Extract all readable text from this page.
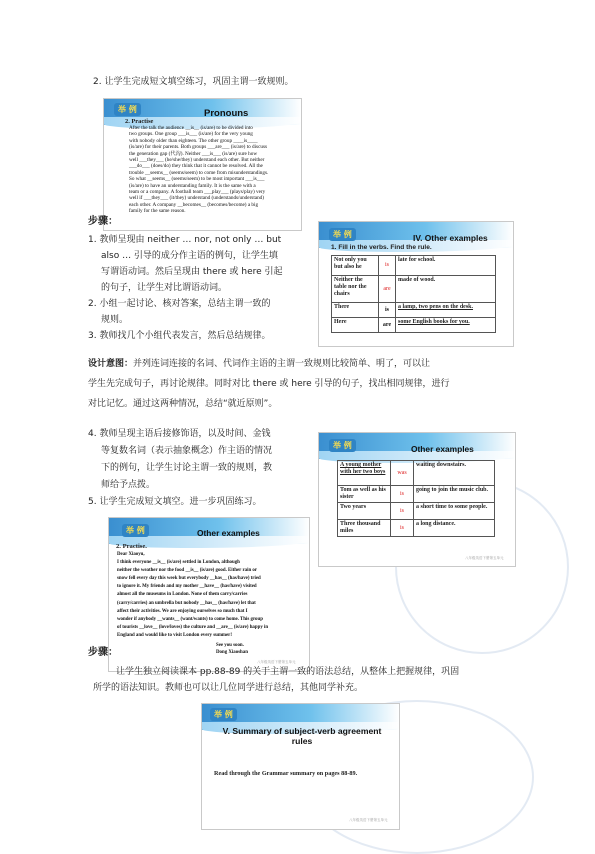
2. 让学生完成短文填空练习，巩固主谓一致规则。
举 例	Pronouns
2. Practise
After the talk the audience __is__ (is/are) to be divided into
two groups. One group ___is___ (is/are) for the very young
with nobody older than eighteen. The other group ____is____
(is/are) for their parents. Both groups ___are___ (is/are) to discuss
the generation gap (代沟). Neither ___is___ (is/are) sure how
well ___they___ (he/she/they) understand each other. But neither
___do___ (does/do) they think that it cannot be resolved. All the
trouble __seems__ (seems/seem) to come from misunderstandings.
So what __seems__ (seems/seem) to be most important ___is___
(is/are) to have an understanding family. It is the same with a
team or a company. A football team ___play___ (plays/play) very
well if ___they___ (it/they) understand (understands/understand)
each other. A company __becomes__ (becomes/become) a big
family for the same reason.
步骤：
1. 教师呈现由 neither … nor, not only … but
also … 引导的成分作主语的例句，让学生填
写谓语动词。然后呈现由 there 或 here 引起
的句子，让学生对比谓语动词。
2. 小组一起讨论、核对答案，总结主谓一致的
规则。
3. 教师找几个小组代表发言，然后总结规律。
举 例	IV. Other examples
1. Fill in the verbs. Find the rule.
Not only you but also he	is	late for school.
Neither the table nor the chairs	are	made of wood.
There	is	a lamp, two pens on the desk.
Here	are	some English books for you.
设计意图：并列连词连接的名词、代词作主语的主谓一致规则比较简单、明了，可以让
学生先完成句子，再讨论规律。同时对比 there 或 here 引导的句子，找出相同规律，进行
对比记忆。通过这两种情况，总结“就近原则”。
4. 教师呈现主语后接修饰语，以及时间、金钱
等复数名词（表示抽象概念）作主语的情况
下的例句，让学生讨论主谓一致的规则，教
师给予点拨。
5. 让学生完成短文填空。进一步巩固练习。
举 例	Other examples
A young mother with her two boys	was	waiting downstairs.
Tom as well as his sister	is	going to join the music club.
Two years	is	a short time to some people.
Three thousand miles	is	a long distance.
八年级英语下册第五单元
举 例	Other examples
2. Practise.
Dear Xiaoyu,
I think everyone __is__ (is/are) settled in London, although
neither the weather nor the food __is__ (is/are) good. Either rain or
snow fell every day this week but everybody __has__ (has/have) tried
to ignore it. My friends and my mother __have__ (has/have) visited
almost all the museums in London. None of them carry/carries
(carry/carries) an umbrella but nobody __has__ (has/have) let that
affect their activities. We are enjoying ourselves so much that I
wonder if anybody __wants__ (want/wants) to come home. This group
of tourists __love__ (love/loves) the culture and __are__ (is/are) happy in
England and would like to visit London every summer!
See you soon.
Dong Xiaoshan
八年级英语下册第五单元
步骤：
让学生独立阅读课本 pp.88-89 的关于主谓一致的语法总结，从整体上把握规律，巩固
所学的语法知识。教师也可以让几位同学进行总结，其他同学补充。
举 例
V. Summary of subject-verb agreement rules
Read through the Grammar summary on pages 88-89.
八年级英语下册第五单元
